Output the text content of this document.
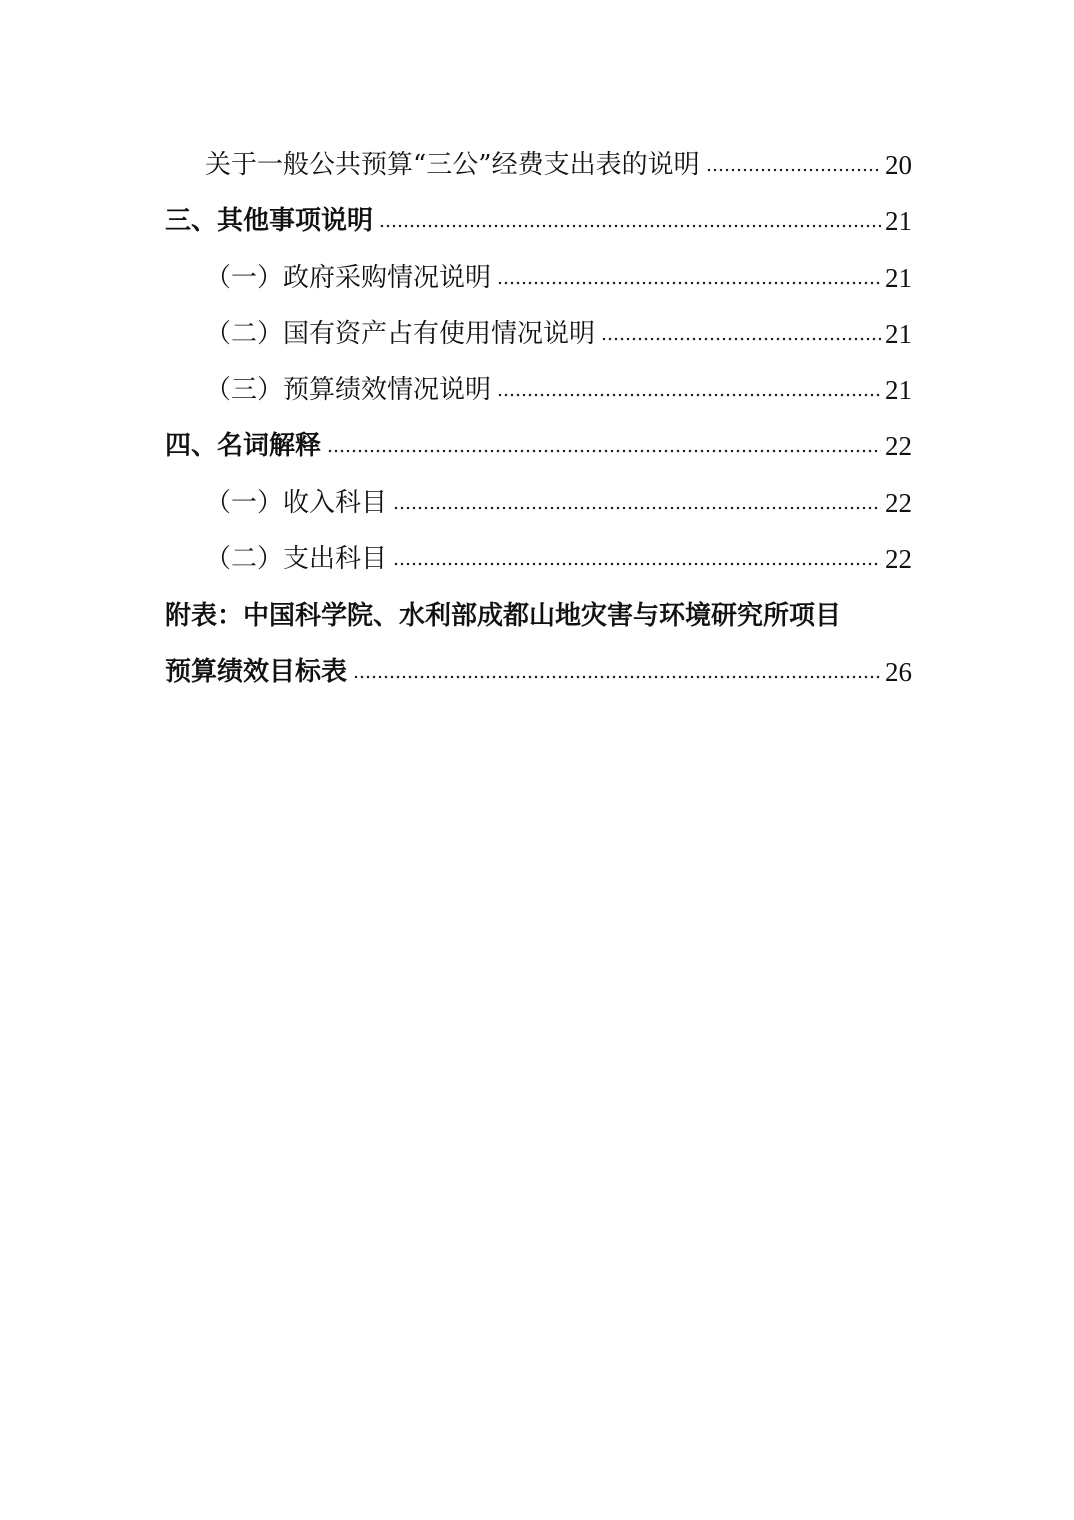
关于一般公共预算“三公”经费支出表的说明	20
三、其他事项说明	21
（一）政府采购情况说明	21
（二）国有资产占有使用情况说明	21
（三）预算绩效情况说明	21
四、名词解释	22
（一）收入科目	22
（二）支出科目	22
附表：中国科学院、水利部成都山地灾害与环境研究所项目
预算绩效目标表	26
